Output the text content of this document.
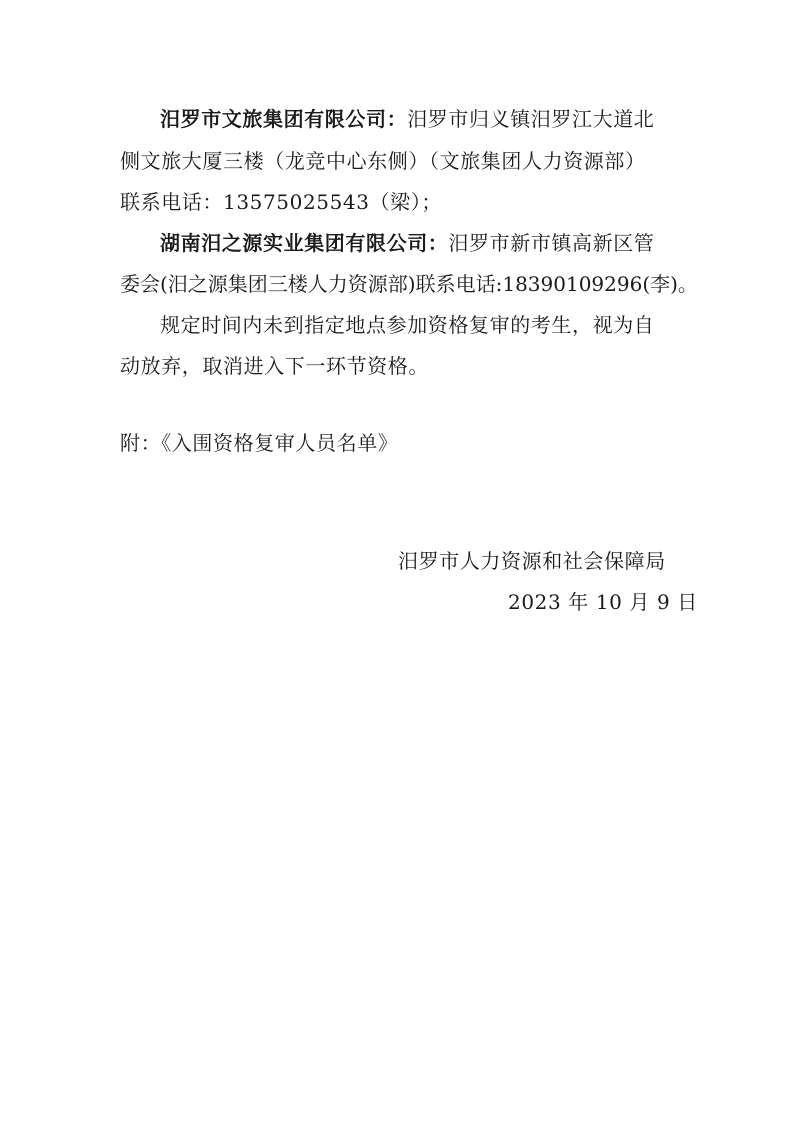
汨罗市文旅集团有限公司：汨罗市归义镇汨罗江大道北
侧文旅大厦三楼（龙竞中心东侧）（文旅集团人力资源部）
联系电话：13575025543（梁）；
湖南汨之源实业集团有限公司：汨罗市新市镇高新区管
委会(汨之源集团三楼人力资源部)联系电话:18390109296(李)。
规定时间内未到指定地点参加资格复审的考生，视为自
动放弃，取消进入下一环节资格。
附：《入围资格复审人员名单》
汨罗市人力资源和社会保障局
2023 年 10 月 9 日
